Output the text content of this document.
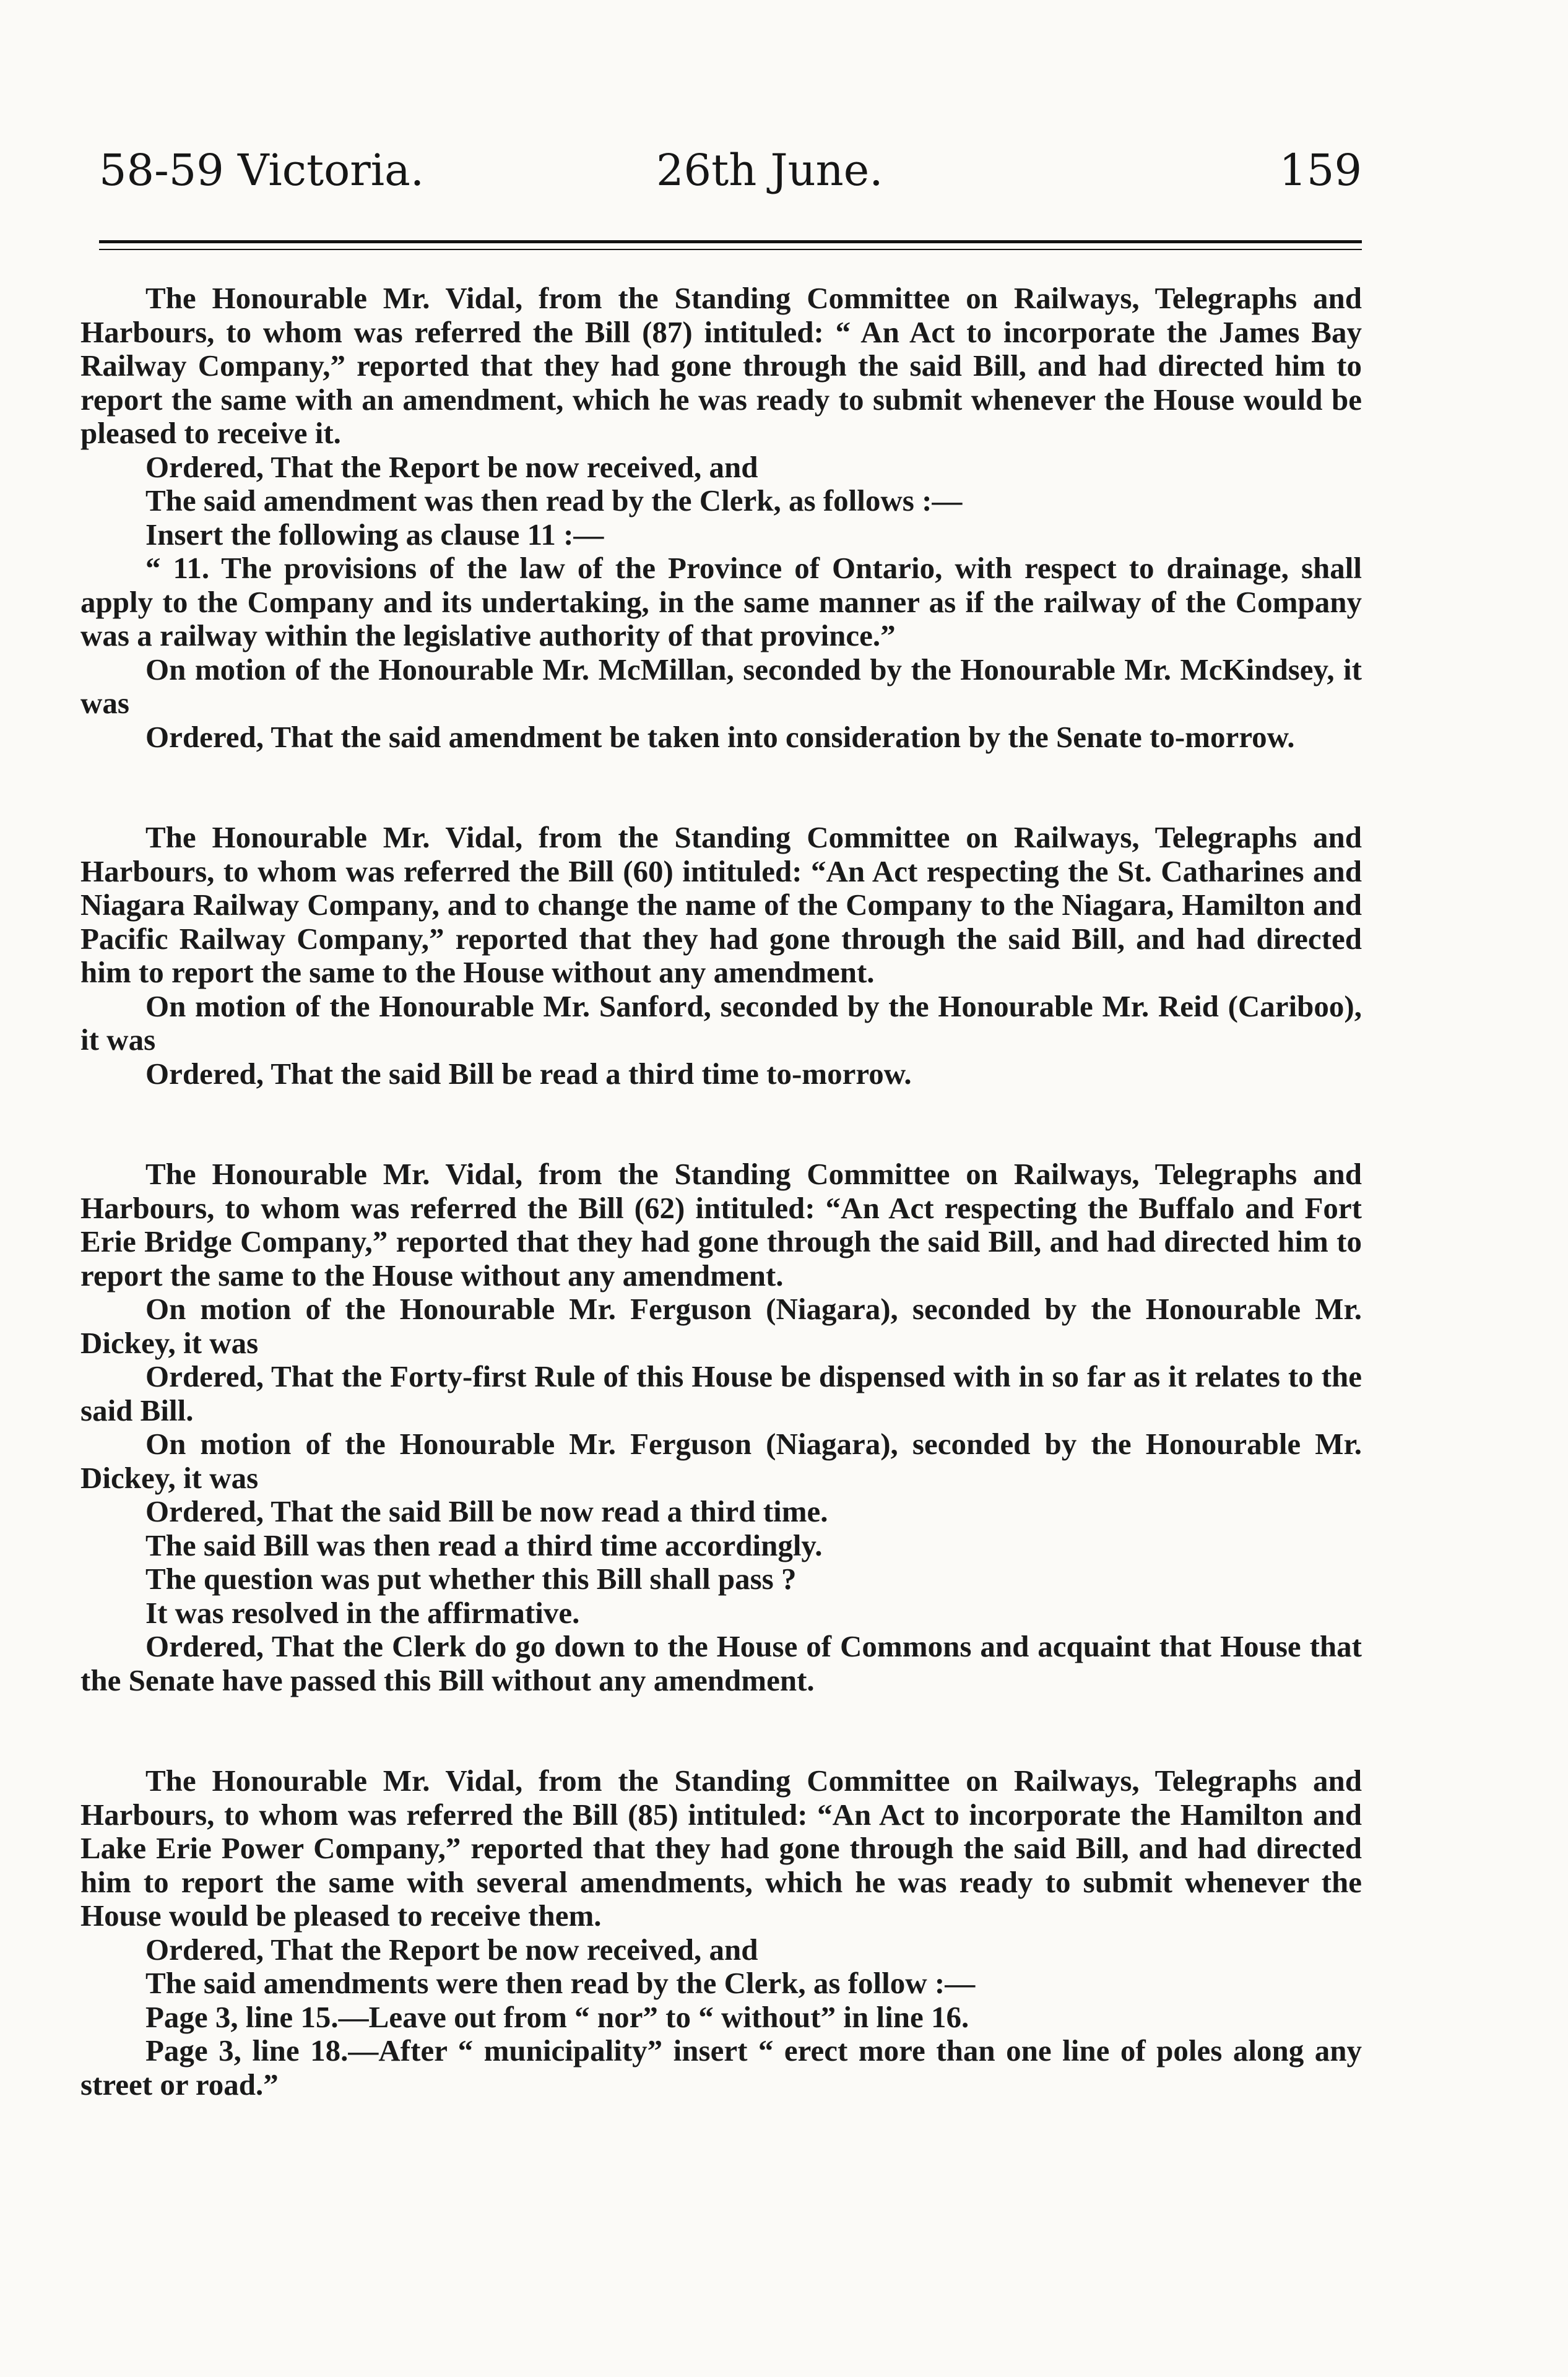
58-59 Victoria.	26th June.	159

The Honourable Mr. Vidal, from the Standing Committee on Railways, Telegraphs and Harbours, to whom was referred the Bill (87) intituled: “ An Act to incorporate the James Bay Railway Company,” reported that they had gone through the said Bill, and had directed him to report the same with an amendment, which he was ready to submit whenever the House would be pleased to receive it.

Ordered, That the Report be now received, and

The said amendment was then read by the Clerk, as follows :—

Insert the following as clause 11 :—

“ 11. The provisions of the law of the Province of Ontario, with respect to drainage, shall apply to the Company and its undertaking, in the same manner as if the railway of the Company was a railway within the legislative authority of that province.”

On motion of the Honourable Mr. McMillan, seconded by the Honourable Mr. McKindsey, it was

Ordered, That the said amendment be taken into consideration by the Senate to-morrow.

The Honourable Mr. Vidal, from the Standing Committee on Railways, Telegraphs and Harbours, to whom was referred the Bill (60) intituled: “An Act respecting the St. Catharines and Niagara Railway Company, and to change the name of the Company to the Niagara, Hamilton and Pacific Railway Company,” reported that they had gone through the said Bill, and had directed him to report the same to the House without any amendment.

On motion of the Honourable Mr. Sanford, seconded by the Honourable Mr. Reid (Cariboo), it was

Ordered, That the said Bill be read a third time to-morrow.

The Honourable Mr. Vidal, from the Standing Committee on Railways, Telegraphs and Harbours, to whom was referred the Bill (62) intituled: “An Act respecting the Buffalo and Fort Erie Bridge Company,” reported that they had gone through the said Bill, and had directed him to report the same to the House without any amendment.

On motion of the Honourable Mr. Ferguson (Niagara), seconded by the Honourable Mr. Dickey, it was

Ordered, That the Forty-first Rule of this House be dispensed with in so far as it relates to the said Bill.

On motion of the Honourable Mr. Ferguson (Niagara), seconded by the Honourable Mr. Dickey, it was

Ordered, That the said Bill be now read a third time.

The said Bill was then read a third time accordingly.

The question was put whether this Bill shall pass ?

It was resolved in the affirmative.

Ordered, That the Clerk do go down to the House of Commons and acquaint that House that the Senate have passed this Bill without any amendment.

The Honourable Mr. Vidal, from the Standing Committee on Railways, Telegraphs and Harbours, to whom was referred the Bill (85) intituled: “An Act to incorporate the Hamilton and Lake Erie Power Company,” reported that they had gone through the said Bill, and had directed him to report the same with several amendments, which he was ready to submit whenever the House would be pleased to receive them.

Ordered, That the Report be now received, and

The said amendments were then read by the Clerk, as follow :—

Page 3, line 15.—Leave out from “ nor” to “ without” in line 16.

Page 3, line 18.—After “ municipality” insert “ erect more than one line of poles along any street or road.”
